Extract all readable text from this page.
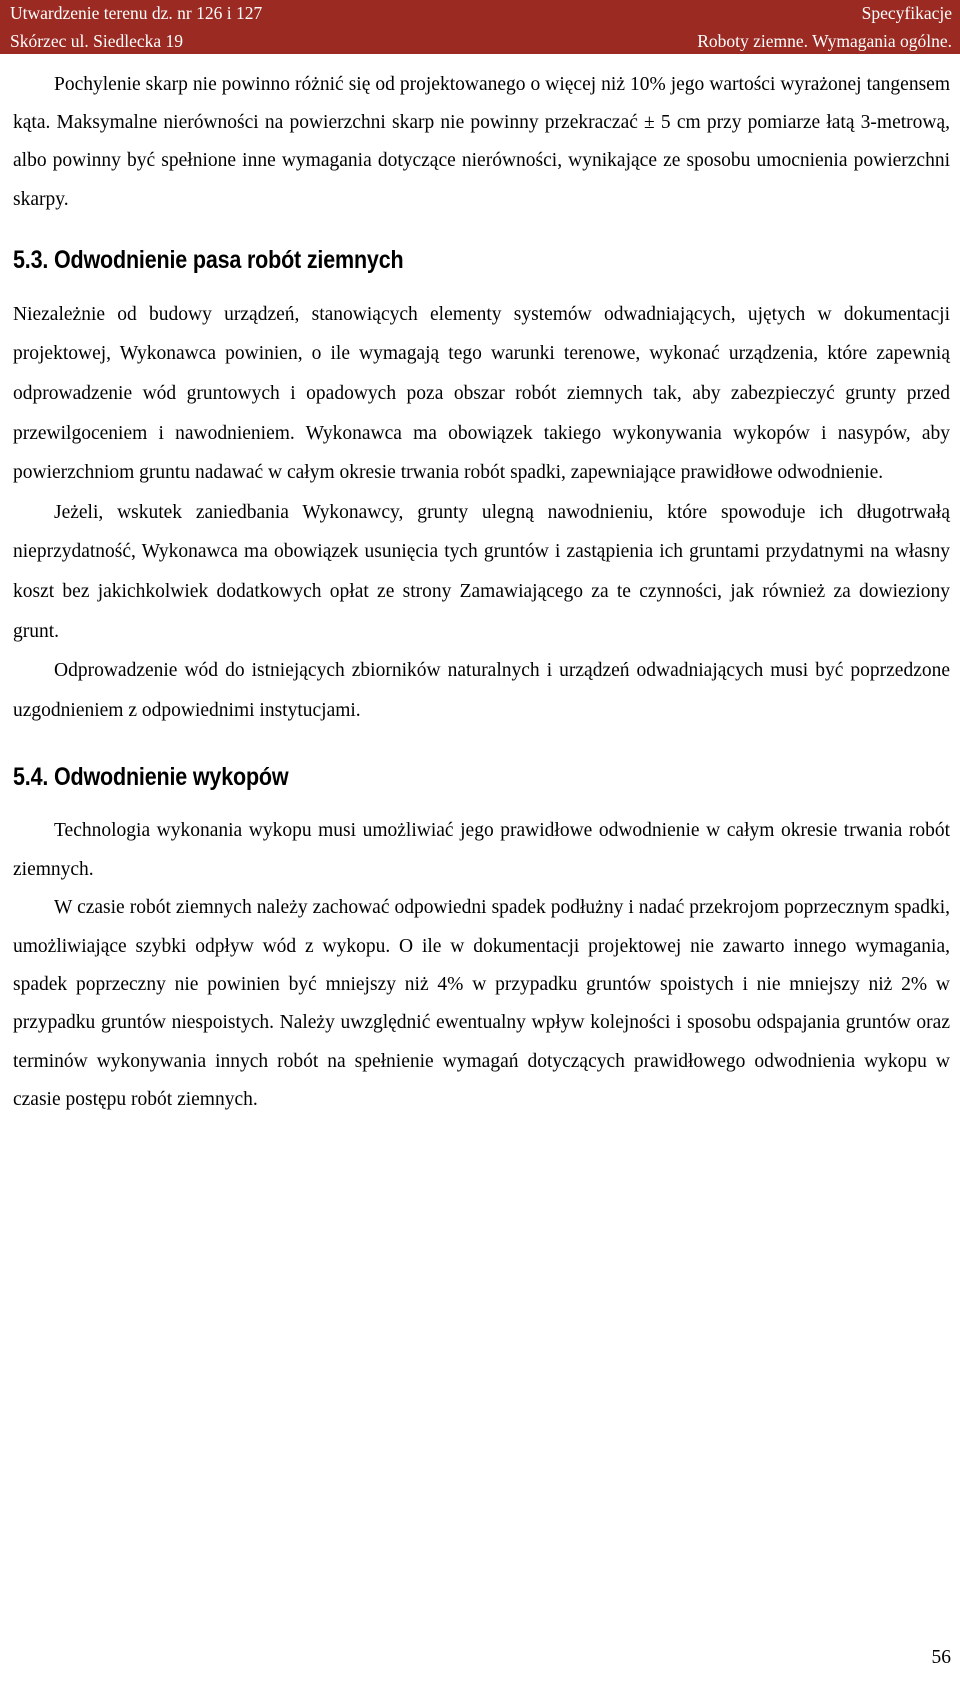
Utwardzenie terenu dz. nr 126 i 127	Specyfikacje
Skórzec ul. Siedlecka 19	Roboty ziemne. Wymagania ogólne.

Pochylenie skarp nie powinno różnić się od projektowanego o więcej niż 10% jego wartości wyrażonej tangensem kąta. Maksymalne nierówności na powierzchni skarp nie powinny przekraczać ± 5 cm przy pomiarze łatą 3-metrową, albo powinny być spełnione inne wymagania dotyczące nierówności, wynikające ze sposobu umocnienia powierzchni skarpy.

5.3. Odwodnienie pasa robót ziemnych

Niezależnie od budowy urządzeń, stanowiących elementy systemów odwadniających, ujętych w dokumentacji projektowej, Wykonawca powinien, o ile wymagają tego warunki terenowe, wykonać urządzenia, które zapewnią odprowadzenie wód gruntowych i opadowych poza obszar robót ziemnych tak, aby zabezpieczyć grunty przed przewilgoceniem i nawodnieniem. Wykonawca ma obowiązek takiego wykonywania wykopów i nasypów, aby powierzchniom gruntu nadawać w całym okresie trwania robót spadki, zapewniające prawidłowe odwodnienie.

Jeżeli, wskutek zaniedbania Wykonawcy, grunty ulegną nawodnieniu, które spowoduje ich długotrwałą nieprzydatność, Wykonawca ma obowiązek usunięcia tych gruntów i zastąpienia ich gruntami przydatnymi na własny koszt bez jakichkolwiek dodatkowych opłat ze strony Zamawiającego za te czynności, jak również za dowieziony grunt.

Odprowadzenie wód do istniejących zbiorników naturalnych i urządzeń odwadniających musi być poprzedzone uzgodnieniem z odpowiednimi instytucjami.

5.4. Odwodnienie wykopów

Technologia wykonania wykopu musi umożliwiać jego prawidłowe odwodnienie w całym okresie trwania robót ziemnych.

W czasie robót ziemnych należy zachować odpowiedni spadek podłużny i nadać przekrojom poprzecznym spadki, umożliwiające szybki odpływ wód z wykopu. O ile w dokumentacji projektowej nie zawarto innego wymagania, spadek poprzeczny nie powinien być mniejszy niż 4% w przypadku gruntów spoistych i nie mniejszy niż 2% w przypadku gruntów niespoistych. Należy uwzględnić ewentualny wpływ kolejności i sposobu odspajania gruntów oraz terminów wykonywania innych robót na spełnienie wymagań dotyczących prawidłowego odwodnienia wykopu w czasie postępu robót ziemnych.

56
